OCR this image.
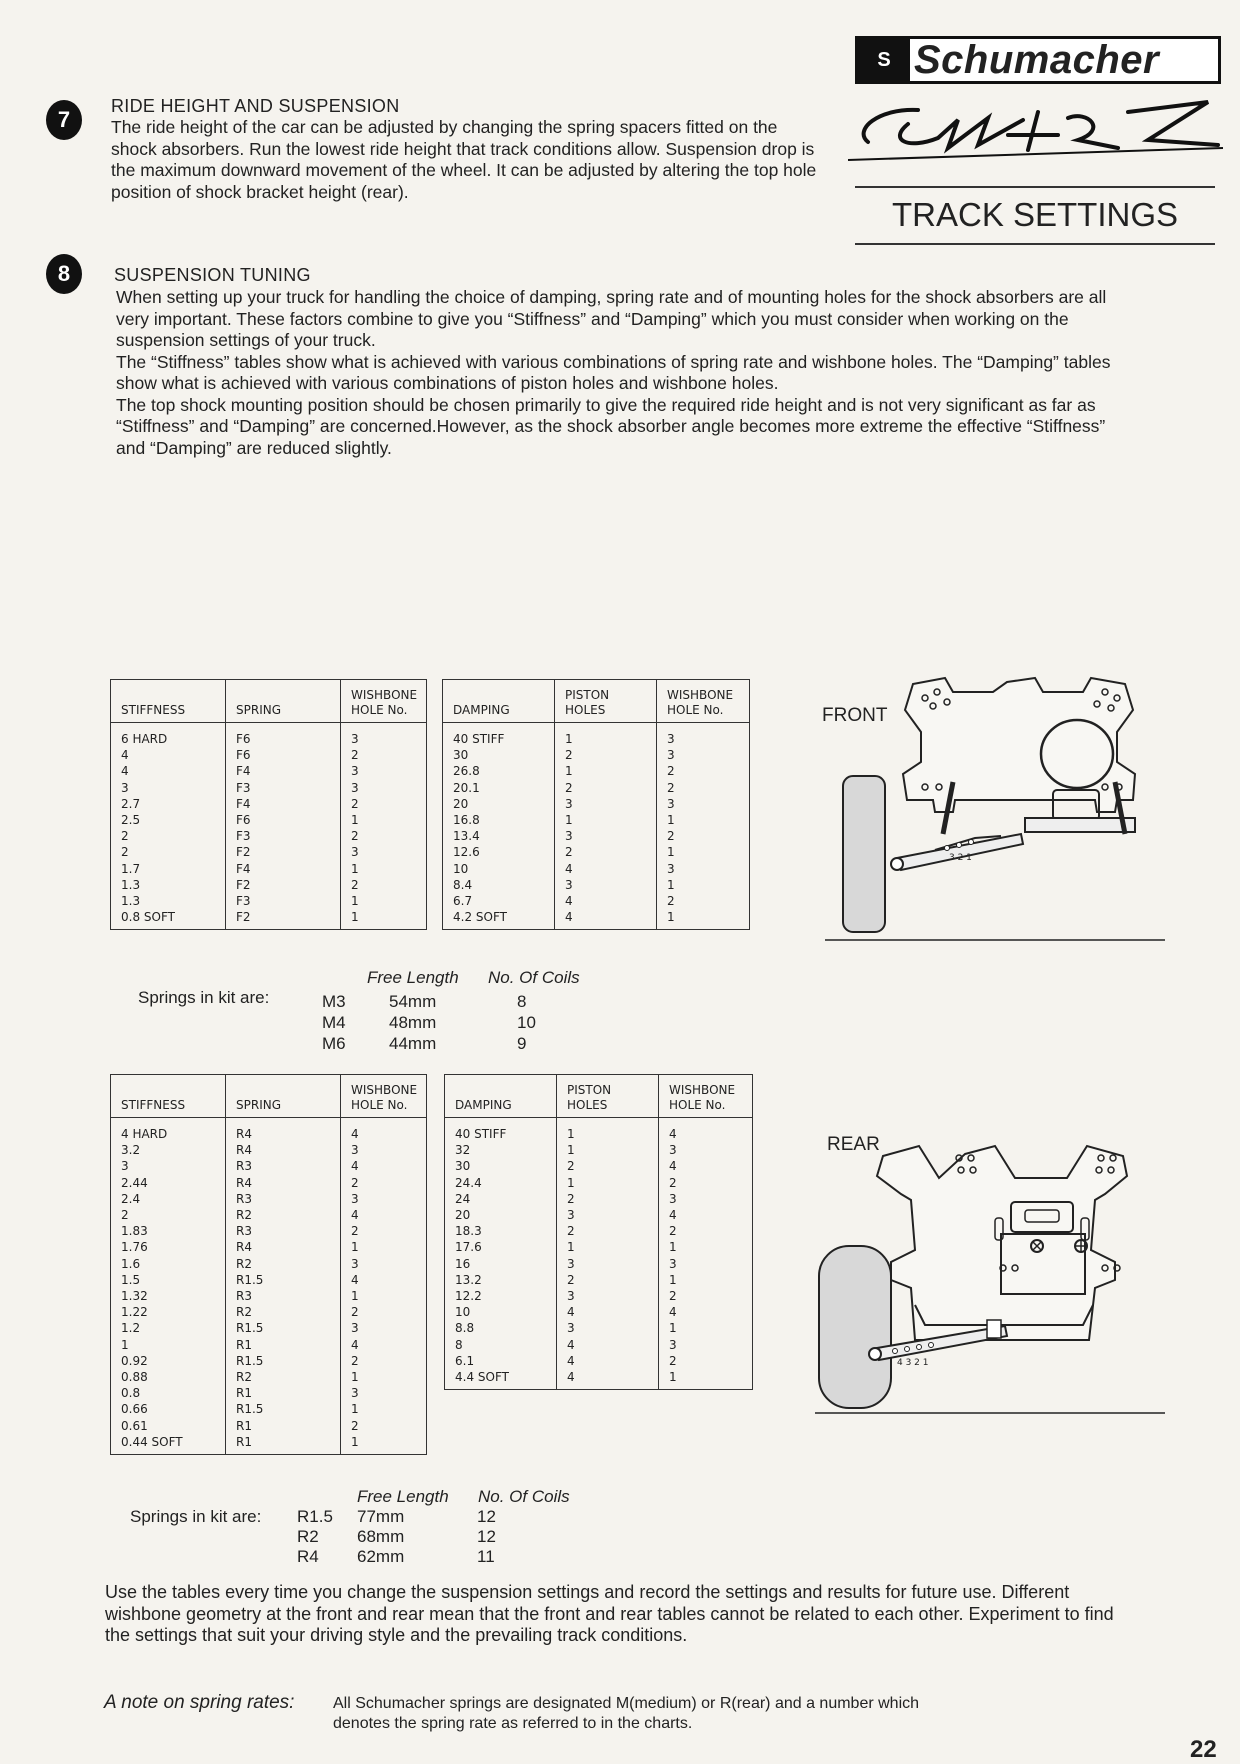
S Schumacher
TRACK SETTINGS
7
RIDE HEIGHT AND SUSPENSION

The ride height of the car can be adjusted by changing the spring spacers fitted on the shock absorbers. Run the lowest ride height that track conditions allow. Suspension drop is the maximum downward movement of the wheel. It can be adjusted by altering the top hole position of shock bracket height (rear).

8	SUSPENSION TUNING

When setting up your truck for handling the choice of damping, spring rate and of mounting holes for the shock absorbers are all very important. These factors combine to give you “Stiffness” and “Damping” which you must consider when working on the suspension settings of your truck.

The “Stiffness” tables show what is achieved with various combinations of spring rate and wishbone holes. The “Damping” tables show what is achieved with various combinations of piston holes and wishbone holes.

The top shock mounting position should be chosen primarily to give the required ride height and is not very significant as far as “Stiffness” and “Damping” are concerned.However, as the shock absorber angle becomes more extreme the effective “Stiffness” and “Damping” are reduced slightly.

STIFFNESS	SPRING	WISHBONE HOLE No.
6 HARD	F6	3
4	F6	2
4	F4	3
3	F3	3
2.7	F4	2
2.5	F6	1
2	F3	2
2	F2	3
1.7	F4	1
1.3	F2	2
1.3	F3	1
0.8 SOFT	F2	1
DAMPING	PISTON HOLES	WISHBONE HOLE No.
40 STIFF	1	3
30	2	3
26.8	1	2
20.1	2	2
20	3	3
16.8	1	1
13.4	3	2
12.6	2	1
10	4	3
8.4	3	1
6.7	4	2
4.2 SOFT	4	1
FRONT
3 2 1
Springs in kit are:
Free Length No. Of Coils
M3	54mm	8
M4	48mm	10
M6	44mm	9
STIFFNESS	SPRING	WISHBONE HOLE No.
4 HARD	R4	4
3.2	R4	3
3	R3	4
2.44	R4	2
2.4	R3	3
2	R2	4
1.83	R3	2
1.76	R4	1
1.6	R2	3
1.5	R1.5	4
1.32	R3	1
1.22	R2	2
1.2	R1.5	3
1	R1	4
0.92	R1.5	2
0.88	R2	1
0.8	R1	3
0.66	R1.5	1
0.61	R1	2
0.44 SOFT	R1	1
DAMPING	PISTON HOLES	WISHBONE HOLE No.
40 STIFF	1	4
32	1	3
30	2	4
24.4	1	2
24	2	3
20	3	4
18.3	2	2
17.6	1	1
16	3	3
13.2	2	1
12.2	3	2
10	4	4
8.8	3	1
8	4	3
6.1	4	2
4.4 SOFT	4	1
REAR
4 3 2 1
Springs in kit are:
Free Length No. Of Coils
R1.5 77mm	12
R2 68mm	12
R4 62mm	11
Use the tables every time you change the suspension settings and record the settings and results for future use. Different wishbone geometry at the front and rear mean that the front and rear tables cannot be related to each other. Experiment to find the settings that suit your driving style and the prevailing track conditions.
A note on spring rates: All Schumacher springs are designated M(medium) or R(rear) and a number which denotes the spring rate as referred to in the charts.
22
